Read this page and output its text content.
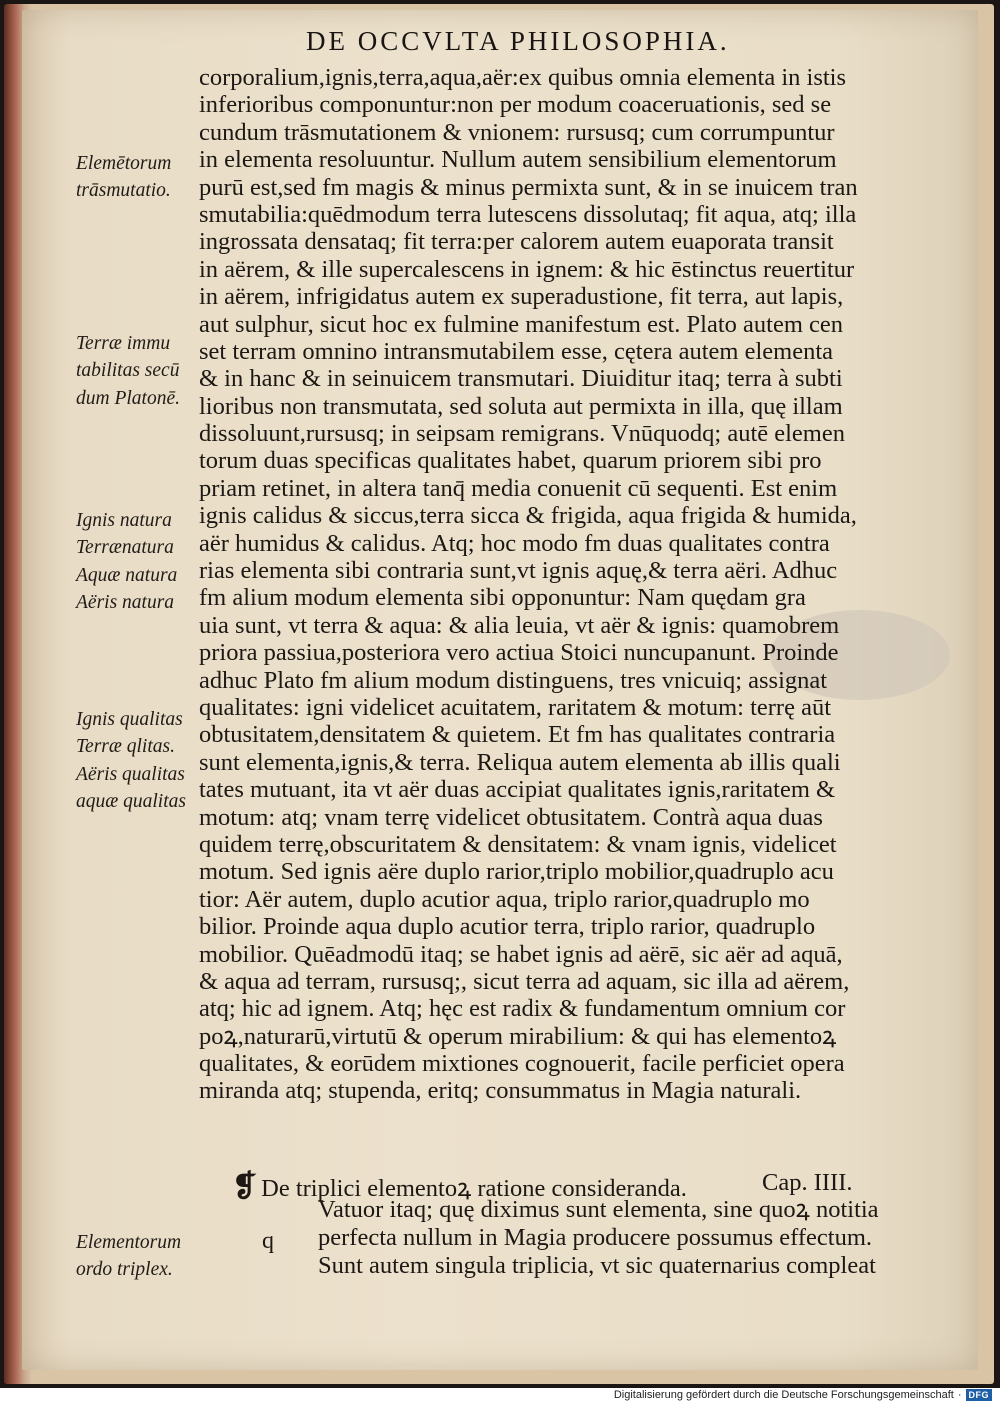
DE OCCVLTA PHILOSOPHIA.
corporalium,ignis,terra,aqua,aër:ex quibus omnia elementa in istis
inferioribus componuntur:non per modum coaceruationis, sed se
cundum trāsmutationem & vnionem: rursusq; cum corrumpuntur
in elementa resoluuntur. Nullum autem sensibilium elementorum
purū est,sed fm magis & minus permixta sunt, & in se inuicem tran
smutabilia:quēdmodum terra lutescens dissolutaq; fit aqua, atq; illa
ingrossata densataq; fit terra:per calorem autem euaporata transit
in aërem, & ille supercalescens in ignem: & hic ēstinctus reuertitur
in aërem, infrigidatus autem ex superadustione, fit terra, aut lapis,
aut sulphur, sicut hoc ex fulmine manifestum est. Plato autem cen
set terram omnino intransmutabilem esse, cętera autem elementa
& in hanc & in seinuicem transmutari. Diuiditur itaq; terra à subti
lioribus non transmutata, sed soluta aut permixta in illa, quę illam
dissoluunt,rursusq; in seipsam remigrans. Vnūquodq; autē elemen
torum duas specificas qualitates habet, quarum priorem sibi pro
priam retinet, in altera tanq̄ media conuenit cū sequenti. Est enim
ignis calidus & siccus,terra sicca & frigida, aqua frigida & humida,
aër humidus & calidus. Atq; hoc modo fm duas qualitates contra
rias elementa sibi contraria sunt,vt ignis aquę,& terra aëri. Adhuc
fm alium modum elementa sibi opponuntur: Nam quędam gra
uia sunt, vt terra & aqua: & alia leuia, vt aër & ignis: quamobrem
priora passiua,posteriora vero actiua Stoici nuncupanunt. Proinde
adhuc Plato fm alium modum distinguens, tres vnicuiq; assignat
qualitates: igni videlicet acuitatem, raritatem & motum: terrę aūt
obtusitatem,densitatem & quietem. Et fm has qualitates contraria
sunt elementa,ignis,& terra. Reliqua autem elementa ab illis quali
tates mutuant, ita vt aër duas accipiat qualitates ignis,raritatem &
motum: atq; vnam terrę videlicet obtusitatem. Contrà aqua duas
quidem terrę,obscuritatem & densitatem: & vnam ignis, videlicet
motum. Sed ignis aëre duplo rarior,triplo mobilior,quadruplo acu
tior: Aër autem, duplo acutior aqua, triplo rarior,quadruplo mo
bilior. Proinde aqua duplo acutior terra, triplo rarior, quadruplo
mobilior. Quēadmodū itaq; se habet ignis ad aërē, sic aër ad aquā,
& aqua ad terram, rursusq;, sicut terra ad aquam, sic illa ad aërem,
atq; hic ad ignem. Atq; hęc est radix & fundamentum omnium cor
poꝝ,naturarū,virtutū & operum mirabilium: & qui has elementoꝝ
qualitates, & eorūdem mixtiones cognouerit, facile perficiet opera
miranda atq; stupenda, eritq; consummatus in Magia naturali.
Elemētorum
trāsmutatio.
Terræ immu
tabilitas secū
dum Platonē.
Ignis natura
Terrænatura
Aquæ natura
Aëris natura
Ignis qualitas
Terræ qlitas.
Aëris qualitas
aquæ qualitas
Elementorum
ordo triplex.
❡ De triplici elementoꝝ ratione consideranda.	Cap. IIII.
q
Vatuor itaq; quę diximus sunt elementa, sine quoꝝ notitia
perfecta nullum in Magia producere possumus effectum.
Sunt autem singula triplicia, vt sic quaternarius compleat
Digitalisierung gefördert durch die Deutsche Forschungsgemeinschaft · DFG
